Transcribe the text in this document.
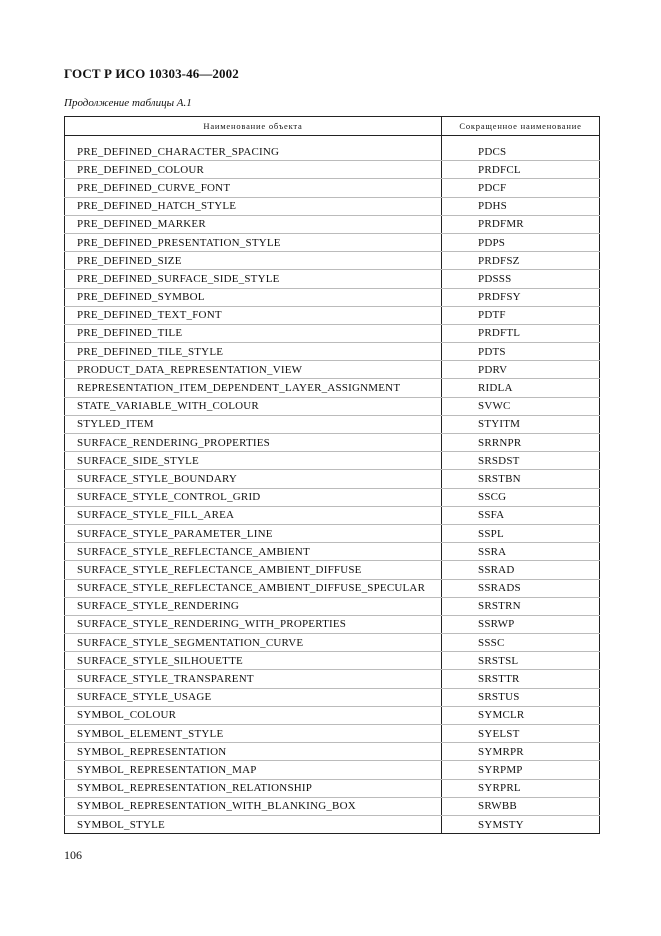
ГОСТ Р ИСО 10303-46—2002
Продолжение таблицы А.1
Наименование объекта	Сокращенное наименование

PRE_DEFINED_CHARACTER_SPACING	PDCS
PRE_DEFINED_COLOUR	PRDFCL
PRE_DEFINED_CURVE_FONT	PDCF
PRE_DEFINED_HATCH_STYLE	PDHS
PRE_DEFINED_MARKER	PRDFMR
PRE_DEFINED_PRESENTATION_STYLE	PDPS
PRE_DEFINED_SIZE	PRDFSZ
PRE_DEFINED_SURFACE_SIDE_STYLE	PDSSS
PRE_DEFINED_SYMBOL	PRDFSY
PRE_DEFINED_TEXT_FONT	PDTF
PRE_DEFINED_TILE	PRDFTL
PRE_DEFINED_TILE_STYLE	PDTS
PRODUCT_DATA_REPRESENTATION_VIEW	PDRV
REPRESENTATION_ITEM_DEPENDENT_LAYER_ASSIGNMENT	RIDLA
STATE_VARIABLE_WITH_COLOUR	SVWC
STYLED_ITEM	STYITM
SURFACE_RENDERING_PROPERTIES	SRRNPR
SURFACE_SIDE_STYLE	SRSDST
SURFACE_STYLE_BOUNDARY	SRSTBN
SURFACE_STYLE_CONTROL_GRID	SSCG
SURFACE_STYLE_FILL_AREA	SSFA
SURFACE_STYLE_PARAMETER_LINE	SSPL
SURFACE_STYLE_REFLECTANCE_AMBIENT	SSRA
SURFACE_STYLE_REFLECTANCE_AMBIENT_DIFFUSE	SSRAD
SURFACE_STYLE_REFLECTANCE_AMBIENT_DIFFUSE_SPECULAR	SSRADS
SURFACE_STYLE_RENDERING	SRSTRN
SURFACE_STYLE_RENDERING_WITH_PROPERTIES	SSRWP
SURFACE_STYLE_SEGMENTATION_CURVE	SSSC
SURFACE_STYLE_SILHOUETTE	SRSTSL
SURFACE_STYLE_TRANSPARENT	SRSTTR
SURFACE_STYLE_USAGE	SRSTUS
SYMBOL_COLOUR	SYMCLR
SYMBOL_ELEMENT_STYLE	SYELST
SYMBOL_REPRESENTATION	SYMRPR
SYMBOL_REPRESENTATION_MAP	SYRPMP
SYMBOL_REPRESENTATION_RELATIONSHIP	SYRPRL
SYMBOL_REPRESENTATION_WITH_BLANKING_BOX	SRWBB
SYMBOL_STYLE	SYMSTY
106
